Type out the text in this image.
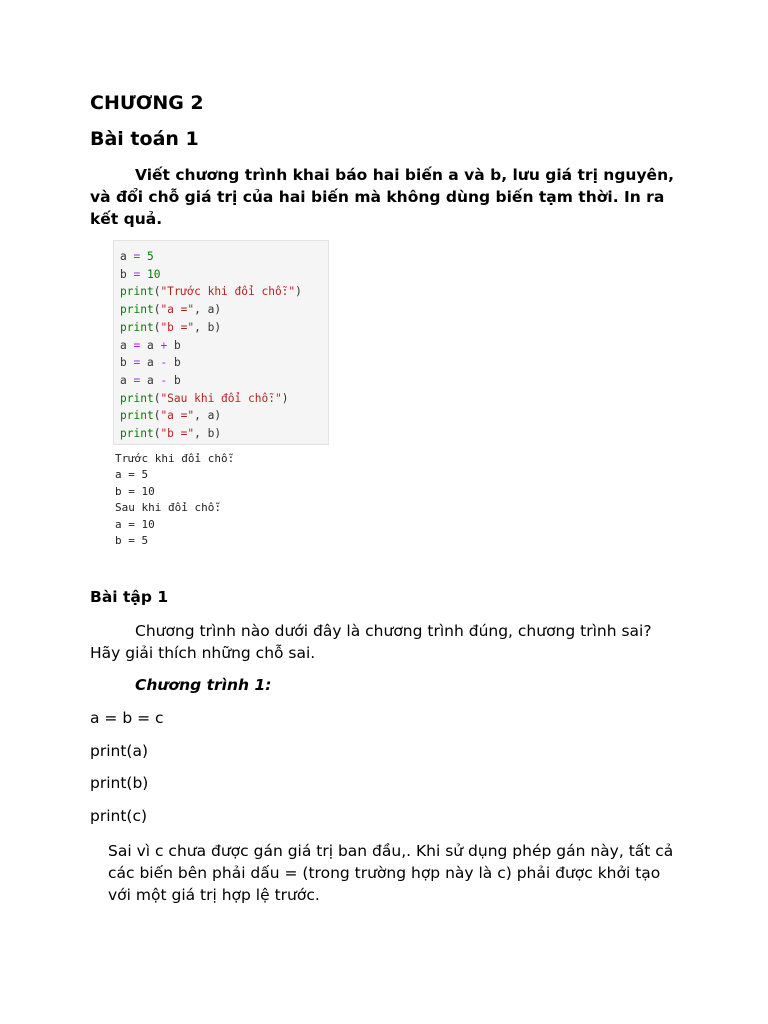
CHƯƠNG 2
Bài toán 1

Viết chương trình khai báo hai biến a và b, lưu giá trị nguyên, và đổi chỗ giá trị của hai biến mà không dùng biến tạm thời. In ra kết quả.

a = 5
b = 10
print("Trước khi đổi chỗ:")
print("a =", a)
print("b =", b)
a = a + b
b = a - b
a = a - b
print("Sau khi đổi chỗ:")
print("a =", a)
print("b =", b)
Trước khi đổi chỗ:
a = 5
b = 10
Sau khi đổi chỗ:
a = 10
b = 5
Bài tập 1

Chương trình nào dưới đây là chương trình đúng, chương trình sai? Hãy giải thích những chỗ sai.

Chương trình 1:

a = b = c

print(a)

print(b)

print(c)

Sai vì c chưa được gán giá trị ban đầu,. Khi sử dụng phép gán này, tất cả các biến bên phải dấu = (trong trường hợp này là c) phải được khởi tạo với một giá trị hợp lệ trước.
